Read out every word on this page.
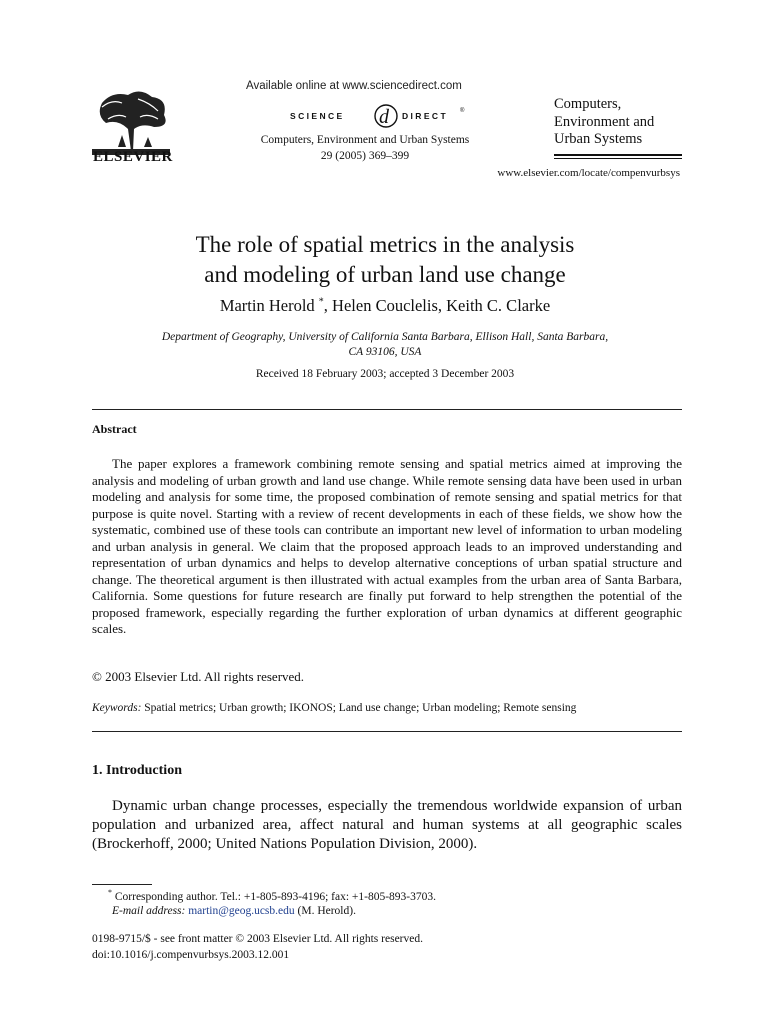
ELSEVIER
Available online at www.sciencedirect.com
SCIENCE d DIRECT ®
Computers, Environment and Urban Systems
29 (2005) 369–399
Computers,
Environment and
Urban Systems
www.elsevier.com/locate/compenvurbsys
The role of spatial metrics in the analysis
and modeling of urban land use change
Martin Herold *, Helen Couclelis, Keith C. Clarke
Department of Geography, University of California Santa Barbara, Ellison Hall, Santa Barbara,
CA 93106, USA
Received 18 February 2003; accepted 3 December 2003
Abstract

The paper explores a framework combining remote sensing and spatial metrics aimed at improving the analysis and modeling of urban growth and land use change. While remote sensing data have been used in urban modeling and analysis for some time, the proposed combination of remote sensing and spatial metrics for that purpose is quite novel. Starting with a review of recent developments in each of these fields, we show how the systematic, combined use of these tools can contribute an important new level of information to urban modeling and urban analysis in general. We claim that the proposed approach leads to an improved understanding and representation of urban dynamics and helps to develop alternative conceptions of urban spatial structure and change. The theoretical argument is then illustrated with actual examples from the urban area of Santa Barbara, California. Some questions for future research are finally put forward to help strengthen the potential of the proposed framework, especially regarding the further exploration of urban dynamics at different geographic scales.

© 2003 Elsevier Ltd. All rights reserved.
Keywords: Spatial metrics; Urban growth; IKONOS; Land use change; Urban modeling; Remote sensing
1. Introduction

Dynamic urban change processes, especially the tremendous worldwide expansion of urban population and urbanized area, affect natural and human systems at all geographic scales (Brockerhoff, 2000; United Nations Population Division, 2000).

* Corresponding author. Tel.: +1-805-893-4196; fax: +1-805-893-3703.
E-mail address: martin@geog.ucsb.edu (M. Herold).
0198-9715/$ - see front matter © 2003 Elsevier Ltd. All rights reserved.
doi:10.1016/j.compenvurbsys.2003.12.001
